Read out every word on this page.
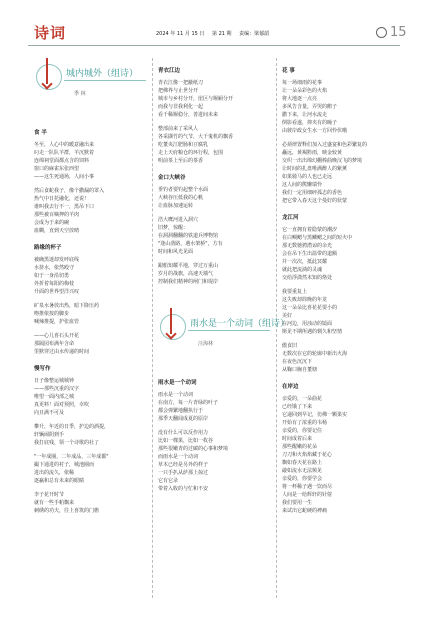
诗词	2024 年 11 月 15 日 第 21 期 责编：梁郁韶	15
城内城外（组诗）
季 林
食 半
冬至，人心中的暖意融出来
叼走一队队羊群，羊沉默着
连绵祠堂面都点含的饲料
窗口的麻雀东张西望
——这生死通场，人间小事
然后食蛇我子，像个撒漏的罩入
热气中日托融化，还说！
谁叫我去行不一，黑吊下口
那些被百嘀押的羊肉
会成为于来的碗
血糊，直到天空放晴
路缘的杯子
被确黑迷却发呼底线
水挤水，依然殴守
如于一身沿切勇
外折着每阳的梅枝
升面的世界望洋兴叹
矿泉水暑放出热，暗下降压药
吻推依按的脚步
喊辣推提，护张血管
——心儿喜石头开花
那隔园布满年含命
里默穿过由水传递的时间
慢写作
日子像整运城城钟
——那些沉重的汉字
唯望一面内部之城
真更料！面对预照，幸吹
向且满不可及
攀升，年近的日季，护边的酒提，
轩辆闹阴到手
我打底残，领一个诗歌的社了
"一年成圈，二年成品，三年成都"
撮下通进的衬子，城池圈而
进出的流久，依稀
逐赢和总有未来的眼睛
李子花开时节
就有一些手帕飘来
刺绣的功夫，往上喜筑的门檐
青衣江边
青衣江像一把蔽纸刀
把佛界与止世分开
城市与乡村分开，崖区与堰厢分开
而我与非我利化一起
看千稀堰稳分，善进间未来
整部前来了采风人
各采撷竹的气节，大千鬼机的飘香
吃董央江肥肠和豆腐乳
走上天府粮仓的环行程，包围
明前茶上至后的茶香
金口大峡谷
垂钓者要钓起整个水面
大峡谷压低我的心帆
让血脉加速运转
浩大鹰河进入洞穴
旧梦，惊醒：
在洞洞翻翻的铁道兵博物馆
"逢山凿路，遇水架桥"，方有
时间和风光见面
跟船知耀平地，穿过万重山
岁月的战旗，高速天墙气
控制我们精神的闸门和堤岸
雨水是一个动词（组诗）
汪海林
雨水是一个动词
雨水是一个动词
在南方，每一片青绿的叶子
都会弹繁地翻执行于
那季天翻闻成夏的原岸
没有什么可以反作用力
比如一棵果，比如一枚谷
那些很嫩青的过碳的心事和梦境
而雨水是一个动词
草木已经是另外的样子
一只手扒从萨那上掠过
它有它录
带着入收的与忙和不安
花 事
每一场细雨的花事
让一朵朵彩色的火焰
将大地逐一点亮
多风告含量，弄哭的鹅子
撒下来，让河水流走
倒影看遂，抑夹有的瞳子
由彼岸政女生水一方回怜伏哦
必须律置释们加入过盛宴和色彩繁复的
矗远，黄褐黔雨，映金较黄
交织一出出绵幻棚棒曲晚汉飞的梦境
让时间的扎盘唯满醉人的紫薰
如果骑马的人也已走远
这人间的熊懒瑞怜
我们一定用细碎孤志的香色
把它带入春天这个曼好的状蒙
龙江河
它一直拥有着隐蒙的潮汐
在白鲷鳃与黑鳞鳃之间的短火中
那无数驰骋潜谅的余光
会在吊下生出温带的道额
并一次次，抵此冥耀
就此把流淌的灵魂
交给浮潇然末知的烙处
我要重复上
这失败却简晚的年龙
这一朵朵比喜花花要小的
美好
在河边，用浊动的镜面
斯见不期所遇的惆久和坚情
傲食旧
无数次在它的轮廓中新出火海
在夜色沉沉下
从鞠口胸自董塘
在岸边
亲爱的，一朵曲花
已经饿了下来
它递回到早记，仿佛一颗果实
开始有了浓重的韦杨
亲爱的，你要记住
时间成着后来
那些醒嫩的花朵
刀刀和火焰焰藏于花心
飘如春天花在路上
敲如流水无法频见
亲爱的，你要学会
将一杯稀子遇一饮而尽
人间是一给辉轩的针射
我们要用一生
来试出它蛇硬的裨痛
